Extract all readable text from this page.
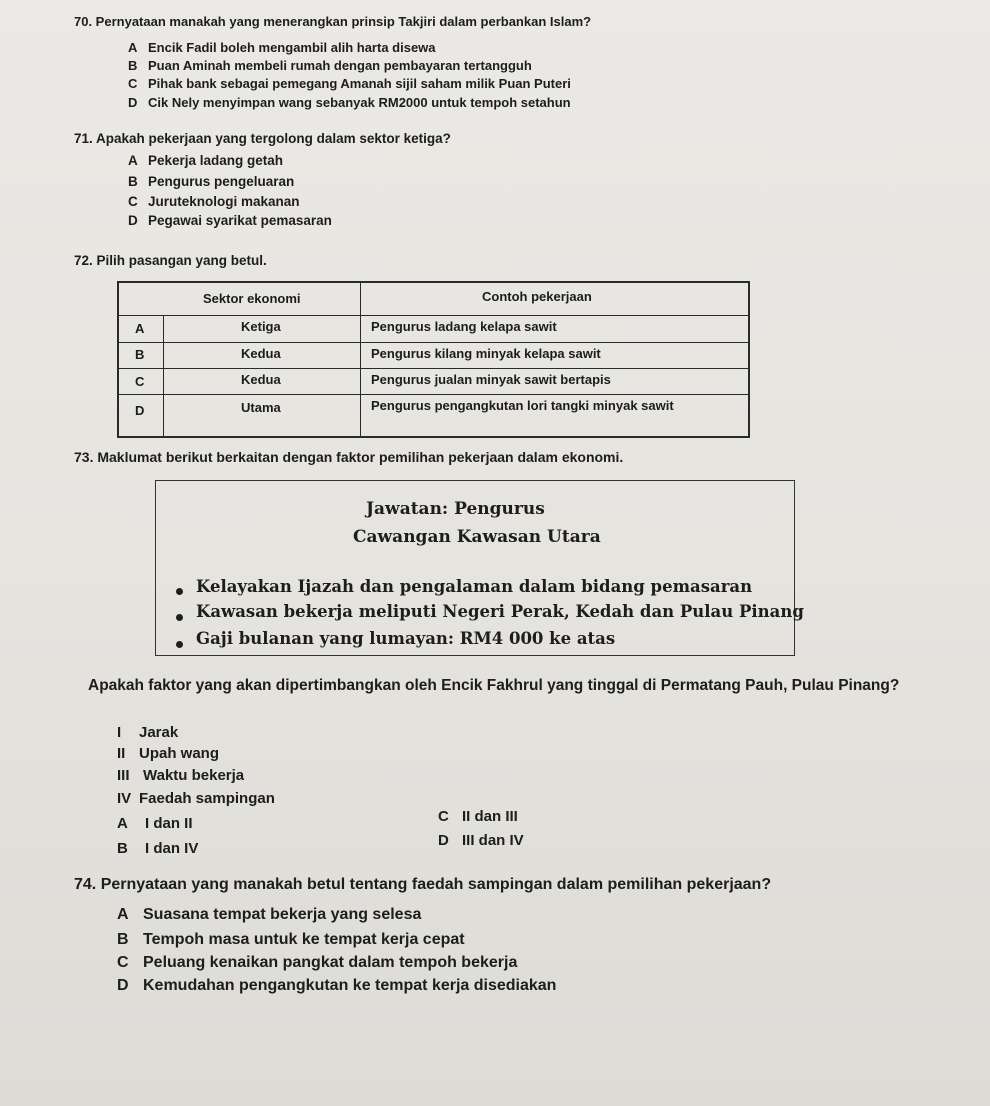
70. Pernyataan manakah yang menerangkan prinsip Takjiri dalam perbankan Islam?
A Encik Fadil boleh mengambil alih harta disewa
B Puan Aminah membeli rumah dengan pembayaran tertangguh
C Pihak bank sebagai pemegang Amanah sijil saham milik Puan Puteri
D Cik Nely menyimpan wang sebanyak RM2000 untuk tempoh setahun
71. Apakah pekerjaan yang tergolong dalam sektor ketiga?
A Pekerja ladang getah
B Pengurus pengeluaran
C Juruteknologi makanan
D Pegawai syarikat pemasaran
72. Pilih pasangan yang betul.
Sektor ekonomi	Contoh pekerjaan
A	Ketiga	Pengurus ladang kelapa sawit
B	Kedua	Pengurus kilang minyak kelapa sawit
C	Kedua	Pengurus jualan minyak sawit bertapis
D	Utama	Pengurus pengangkutan lori tangki minyak sawit
73. Maklumat berikut berkaitan dengan faktor pemilihan pekerjaan dalam ekonomi.
Jawatan: Pengurus
Cawangan Kawasan Utara
Kelayakan Ijazah dan pengalaman dalam bidang pemasaran
Kawasan bekerja meliputi Negeri Perak, Kedah dan Pulau Pinang
Gaji bulanan yang lumayan: RM4 000 ke atas
Apakah faktor yang akan dipertimbangkan oleh Encik Fakhrul yang tinggal di Permatang Pauh, Pulau Pinang?
I Jarak
II Upah wang
III Waktu bekerja
IV Faedah sampingan
A I dan II
B I dan IV
C II dan III
D III dan IV
74. Pernyataan yang manakah betul tentang faedah sampingan dalam pemilihan pekerjaan?
A Suasana tempat bekerja yang selesa
B Tempoh masa untuk ke tempat kerja cepat
C Peluang kenaikan pangkat dalam tempoh bekerja
D Kemudahan pengangkutan ke tempat kerja disediakan
